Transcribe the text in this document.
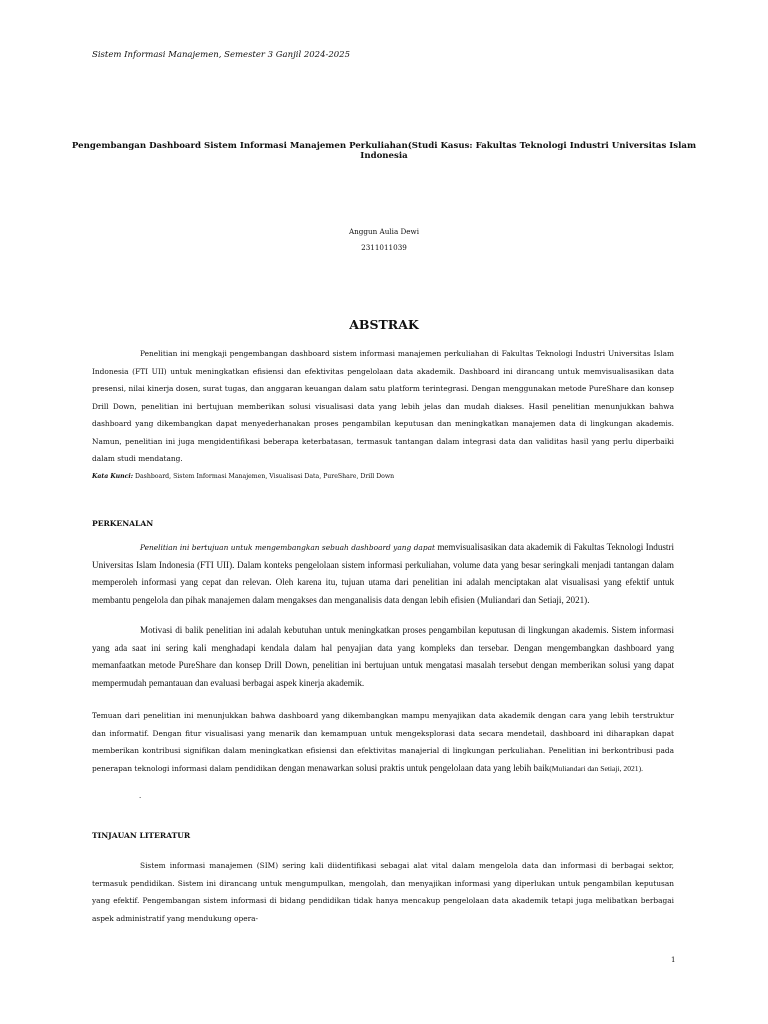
Sistem Informasi Manajemen, Semester 3 Ganjil 2024-2025
Pengembangan Dashboard Sistem Informasi Manajemen Perkuliahan(Studi Kasus: Fakultas Teknologi Industri Universitas Islam Indonesia
Anggun Aulia Dewi
2311011039
ABSTRAK
Penelitian ini mengkaji pengembangan dashboard sistem informasi manajemen perkuliahan di Fakultas Teknologi Industri Universitas Islam Indonesia (FTI UII) untuk meningkatkan efisiensi dan efektivitas pengelolaan data akademik. Dashboard ini dirancang untuk memvisualisasikan data presensi, nilai kinerja dosen, surat tugas, dan anggaran keuangan dalam satu platform terintegrasi. Dengan menggunakan metode PureShare dan konsep Drill Down, penelitian ini bertujuan memberikan solusi visualisasi data yang lebih jelas dan mudah diakses. Hasil penelitian menunjukkan bahwa dashboard yang dikembangkan dapat menyederhanakan proses pengambilan keputusan dan meningkatkan manajemen data di lingkungan akademis. Namun, penelitian ini juga mengidentifikasi beberapa keterbatasan, termasuk tantangan dalam integrasi data dan validitas hasil yang perlu diperbaiki dalam studi mendatang.
Kata Kunci: Dashboard, Sistem Informasi Manajemen, Visualisasi Data, PureShare, Drill Down
PERKENALAN
Penelitian ini bertujuan untuk mengembangkan sebuah dashboard yang dapat memvisualisasikan data akademik di Fakultas Teknologi Industri Universitas Islam Indonesia (FTI UII). Dalam konteks pengelolaan sistem informasi perkuliahan, volume data yang besar seringkali menjadi tantangan dalam memperoleh informasi yang cepat dan relevan. Oleh karena itu, tujuan utama dari penelitian ini adalah menciptakan alat visualisasi yang efektif untuk membantu pengelola dan pihak manajemen dalam mengakses dan menganalisis data dengan lebih efisien (Muliandari dan Setiaji, 2021).
Motivasi di balik penelitian ini adalah kebutuhan untuk meningkatkan proses pengambilan keputusan di lingkungan akademis. Sistem informasi yang ada saat ini sering kali menghadapi kendala dalam hal penyajian data yang kompleks dan tersebar. Dengan mengembangkan dashboard yang memanfaatkan metode PureShare dan konsep Drill Down, penelitian ini bertujuan untuk mengatasi masalah tersebut dengan memberikan solusi yang dapat mempermudah pemantauan dan evaluasi berbagai aspek kinerja akademik.
Temuan dari penelitian ini menunjukkan bahwa dashboard yang dikembangkan mampu menyajikan data akademik dengan cara yang lebih terstruktur dan informatif. Dengan fitur visualisasi yang menarik dan kemampuan untuk mengeksplorasi data secara mendetail, dashboard ini diharapkan dapat memberikan kontribusi signifikan dalam meningkatkan efisiensi dan efektivitas manajerial di lingkungan perkuliahan. Penelitian ini berkontribusi pada penerapan teknologi informasi dalam pendidikan dengan menawarkan solusi praktis untuk pengelolaan data yang lebih baik(Muliandari dan Setiaji, 2021).
.
TINJAUAN LITERATUR
Sistem informasi manajemen (SIM) sering kali diidentifikasi sebagai alat vital dalam mengelola data dan informasi di berbagai sektor, termasuk pendidikan. Sistem ini dirancang untuk mengumpulkan, mengolah, dan menyajikan informasi yang diperlukan untuk pengambilan keputusan yang efektif. Pengembangan sistem informasi di bidang pendidikan tidak hanya mencakup pengelolaan data akademik tetapi juga melibatkan berbagai aspek administratif yang mendukung opera-
1
